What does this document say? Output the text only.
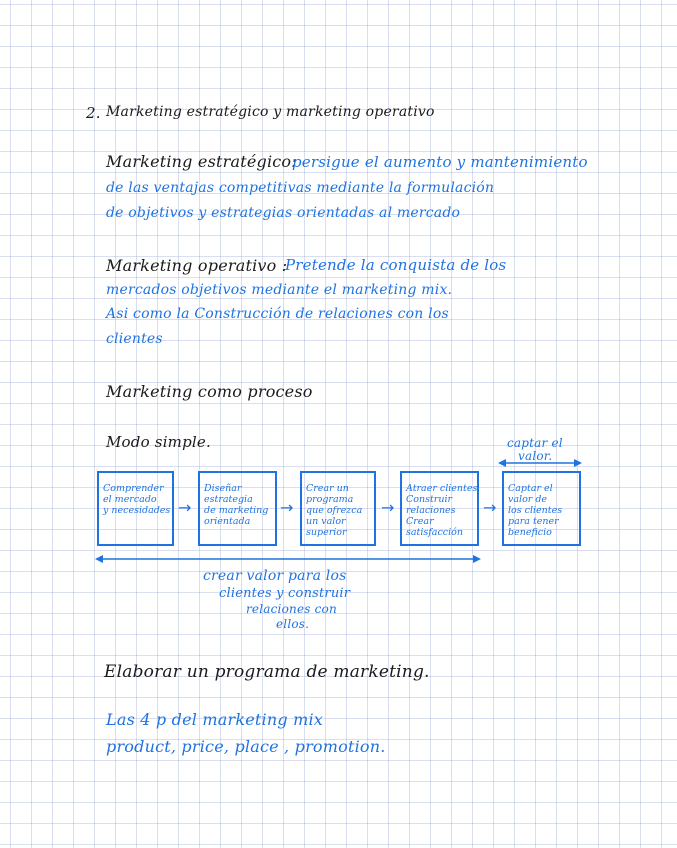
2. Marketing estratégico y marketing operativo
Marketing estratégico:
persigue el aumento y mantenimiento
de las ventajas competitivas mediante la formulación
de objetivos y estrategias orientadas al mercado
Marketing operativo :
Pretende la conquista de los
mercados objetivos mediante el marketing mix.
Asi como la Construcción de relaciones con los
clientes
Marketing como proceso
Modo simple.	captar el
valor.
Comprender
el mercado
y necesidades →
Diseñar
estrategia
de marketing
orientada
→
Crear un
programa
que ofrezca
un valor
superior
→
Atraer clientes
Construir
relaciones
Crear
satisfacción
→
Captar el
valor de
los clientes
para tener
beneficio
crear valor para los
clientes y construir
relaciones con
ellos.
Elaborar un programa de marketing.
Las 4 p del marketing mix
product, price, place , promotion.
